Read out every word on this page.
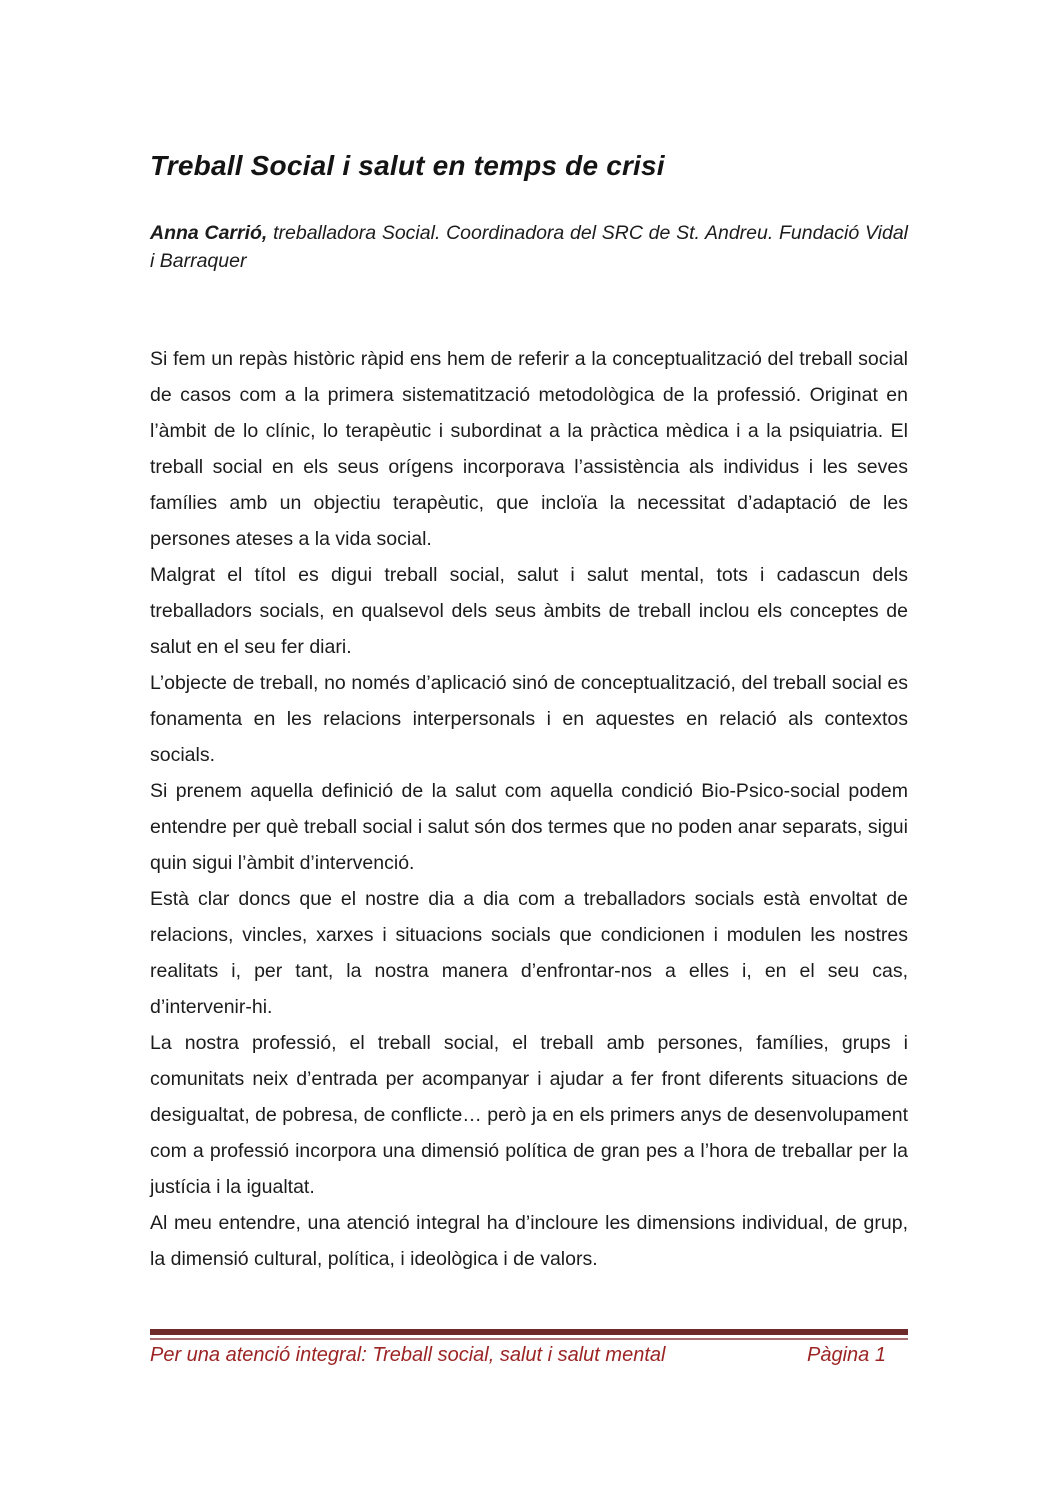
Treball Social i salut en temps de crisi

Anna Carrió, treballadora Social. Coordinadora del SRC de St. Andreu. Fundació Vidal i Barraquer

Si fem un repàs històric ràpid ens hem de referir a la conceptualització del treball social de casos com a la primera sistematització metodològica de la professió. Originat en l’àmbit de lo clínic, lo terapèutic i subordinat a la pràctica mèdica i a la psiquiatria. El treball social en els seus orígens incorporava l’assistència als individus i les seves famílies amb un objectiu terapèutic, que incloïa la necessitat d’adaptació de les persones ateses a la vida social.

Malgrat el títol es digui treball social, salut i salut mental, tots i cadascun dels treballadors socials, en qualsevol dels seus àmbits de treball inclou els conceptes de salut en el seu fer diari.

L’objecte de treball, no només d’aplicació sinó de conceptualització, del treball social es fonamenta en les relacions interpersonals i en aquestes en relació als contextos socials.

Si prenem aquella definició de la salut com aquella condició Bio-Psico-social podem entendre per què treball social i salut són dos termes que no poden anar separats, sigui quin sigui l’àmbit d’intervenció.

Està clar doncs que el nostre dia a dia com a treballadors socials està envoltat de relacions, vincles, xarxes i situacions socials que condicionen i modulen les nostres realitats i, per tant, la nostra manera d’enfrontar-nos a elles i, en el seu cas, d’intervenir-hi.

La nostra professió, el treball social, el treball amb persones, famílies, grups i comunitats neix d’entrada per acompanyar i ajudar a fer front diferents situacions de desigualtat, de pobresa, de conflicte… però ja en els primers anys de desenvolupament com a professió incorpora una dimensió política de gran pes a l’hora de treballar per la justícia i la igualtat.

Al meu entendre, una atenció integral ha d’incloure les dimensions individual, de grup, la dimensió cultural, política, i ideològica i de valors.

Per una atenció integral: Treball social, salut i salut mental	Pàgina 1
